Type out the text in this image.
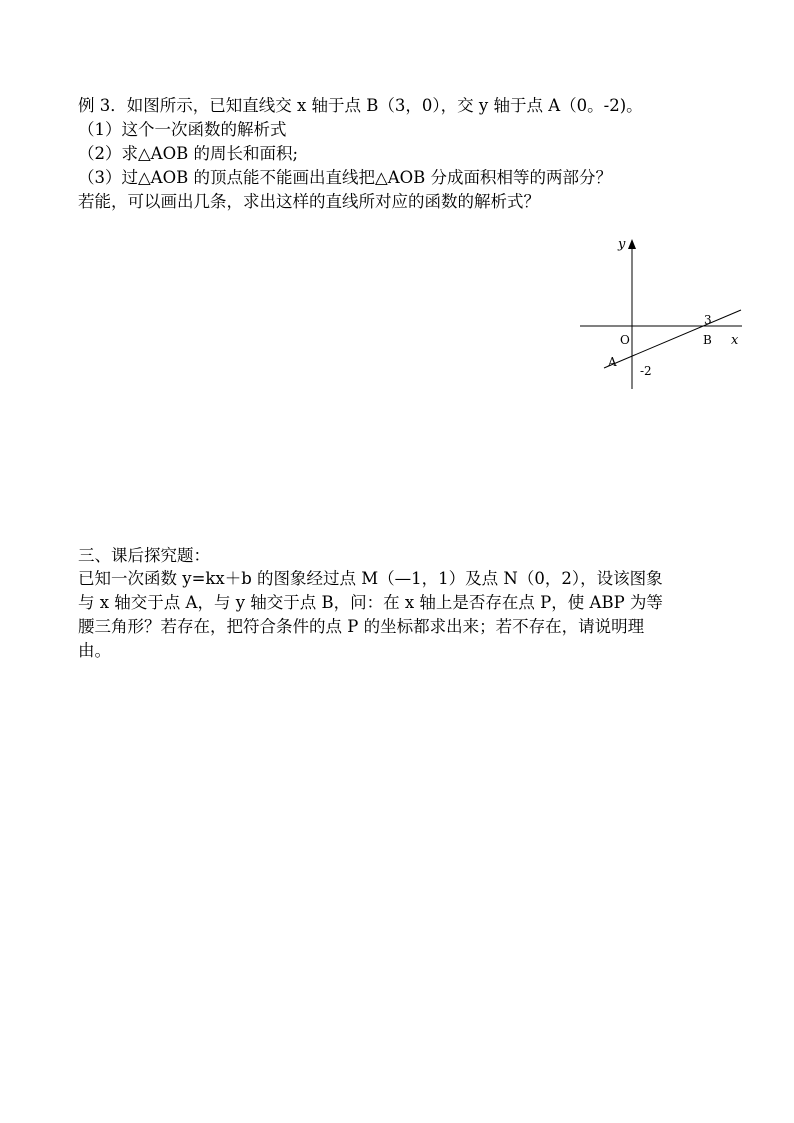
例 3．如图所示，已知直线交 x 轴于点 B（3，0），交 y 轴于点 A（0。-2)。
（1）这个一次函数的解析式
（2）求△AOB 的周长和面积;
（3）过△AOB 的顶点能不能画出直线把△AOB 分成面积相等的两部分？
若能，可以画出几条，求出这样的直线所对应的函数的解析式？
y
x
O	B
3
A
-2
三、课后探究题：
已知一次函数 y=kx＋b 的图象经过点 M（—1，1）及点 N（0，2），设该图象
与 x 轴交于点 A，与 y 轴交于点 B，问：在 x 轴上是否存在点 P，使 ABP 为等
腰三角形？若存在，把符合条件的点 P 的坐标都求出来；若不存在，请说明理
由。
